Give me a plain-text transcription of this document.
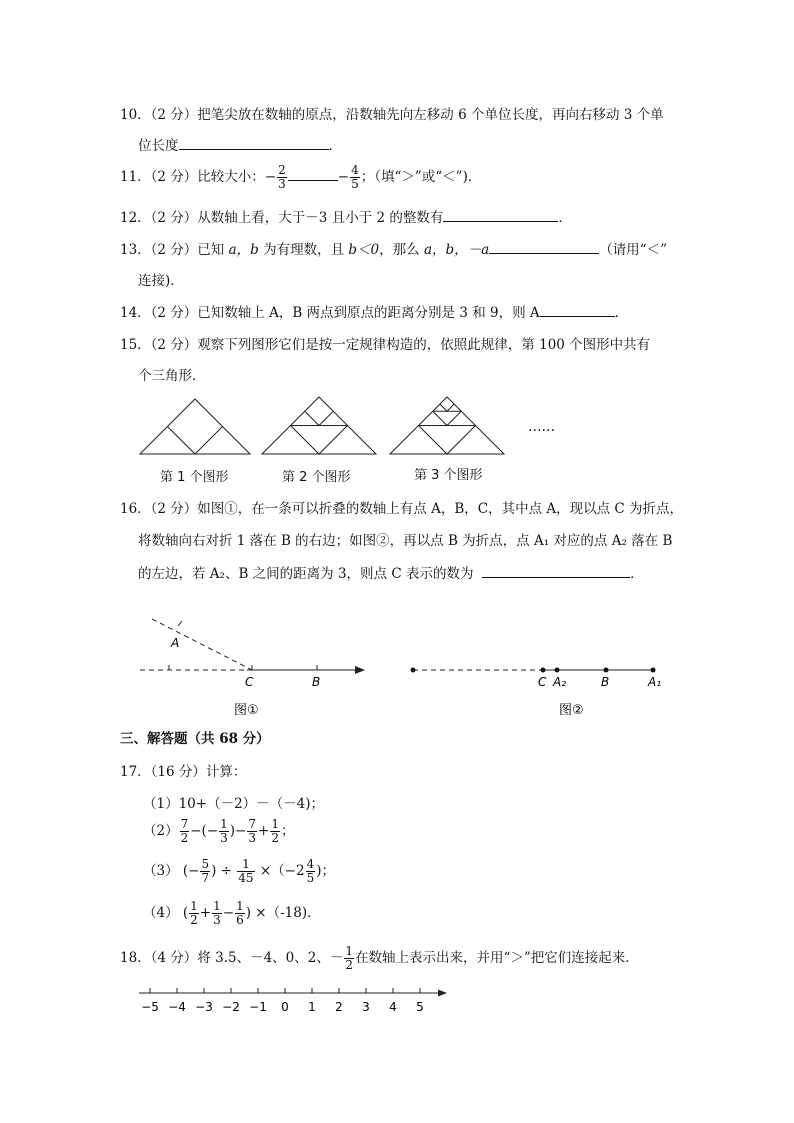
10．（2 分）把笔尖放在数轴的原点，沿数轴先向左移动 6 个单位长度，再向右移动 3 个单
位长度	．
11．（2 分）比较大小：− $\frac{2}{3}$	− $\frac{4}{5}$ ；（填“＞”或“＜”)．
12．（2 分）从数轴上看，大于－3 且小于 2 的整数有	．
13．（2 分）已知 a，b 为有理数，且 b＜0，那么 a，b，－a	（请用“＜”
连接)．
14．（2 分）已知数轴上 A，B 两点到原点的距离分别是 3 和 9，则 A	．
15．（2 分）观察下列图形它们是按一定规律构造的，依照此规律，第 100 个图形中共有
个三角形．
……
第 1 个图形	第 2 个图形	第 3 个图形
16．（2 分）如图①，在一条可以折叠的数轴上有点 A，B，C，其中点 A，现以点 C 为折点，
将数轴向右对折 1 落在 B 的右边；如图②，再以点 B 为折点，点 A₁ 对应的点 A₂ 落在 B
的左边，若 A₂、B 之间的距离为 3，则点 C 表示的数为	．
A
C	B
图①
C A₂	B	A₁
图②
三、解答题（共 68 分）
17．（16 分）计算：
（1）10+（－2）－（－4)；
$(2) \frac{7}{2}$ −(− $\frac{1}{3}$ )− $\frac{7}{3} + \frac{1}{2}$ ；
（3） (− $\frac{5}{7}$ ) ÷ $\frac{1}{45} \times(-2 \frac{4}{5}$ )；
（4） ( $\frac{1}{2} + \frac{1}{3} - \frac{1}{6}$ ) ×（-18)．
18．（4 分）将 3.5、－4、0、2、－ $\frac{1}{2}$ 在数轴上表示出来，并用“＞”把它们连接起来．
−5 −4 −3 −2 −1 0 1 2 3 4 5
